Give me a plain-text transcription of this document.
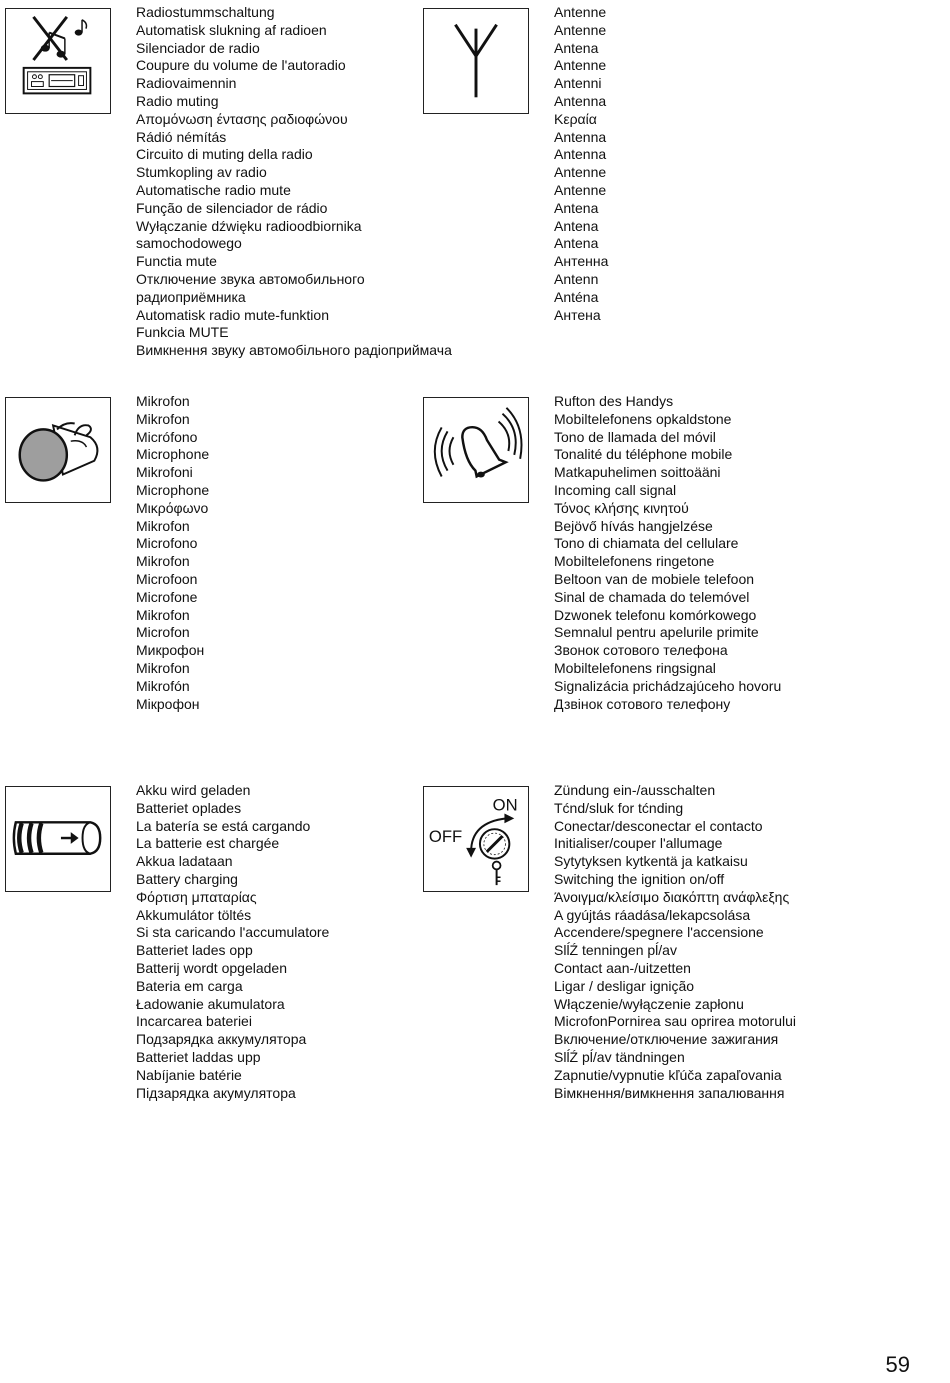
Radiostummschaltung
Automatisk slukning af radioen
Silenciador de radio
Coupure du volume de l'autoradio
Radiovaimennin
Radio muting
Απομόνωση έντασης ραδιοφώνου
Rádió némítás
Circuito di muting della radio
Stumkopling av radio
Automatische radio mute
Função de silenciador de rádio
Wyłączanie dźwięku radioodbiornika samochodowego
Functia mute
Отключение звука автомобильного радиоприёмника
Automatisk radio mute-funktion
Funkcia MUTE
Вимкнення звуку автомобільного радіоприймача
Antenne
Antenne
Antena
Antenne
Antenni
Antenna
Κεραία
Antenna
Antenna
Antenne
Antenne
Antena
Antena
Antena
Антенна
Antenn
Anténa
Антена
Mikrofon
Mikrofon
Micrófono
Microphone
Mikrofoni
Microphone
Μικρόφωνο
Mikrofon
Microfono
Mikrofon
Microfoon
Microfone
Mikrofon
Microfon
Микрофон
Mikrofon
Mikrofón
Мікрофон
Rufton des Handys
Mobiltelefonens opkaldstone
Tono de llamada del móvil
Tonalité du téléphone mobile
Matkapuhelimen soittoääni
Incoming call signal
Τόνος κλήσης κινητού
Bejövő hívás hangjelzése
Tono di chiamata del cellulare
Mobiltelefonens ringetone
Beltoon van de mobiele telefoon
Sinal de chamada do telemóvel
Dzwonek telefonu komórkowego
Semnalul pentru apelurile primite
Звонок сотового телефона
Mobiltelefonens ringsignal
Signalizácia prichádzajúceho hovoru
Дзвінок сотового телефону
Akku wird geladen
Batteriet oplades
La batería se está cargando
La batterie est chargée
Akkua ladataan
Battery charging
Φόρτιση μπαταρίας
Akkumulátor töltés
Si sta caricando l'accumulatore
Batteriet lades opp
Batterij wordt opgeladen
Bateria em carga
Ładowanie akumulatora
Incarcarea bateriei
Подзарядка аккумулятора
Batteriet laddas upp
Nabíjanie batérie
Підзарядка акумулятора
ON
OFF
Zündung ein-/ausschalten
Tćnd/sluk for tćnding
Conectar/desconectar el contacto
Initialiser/couper l'allumage
Sytytyksen kytkentä ja katkaisu
Switching the ignition on/off
Άνοιγμα/κλείσιμο διακόπτη ανάφλεξης
A gyújtás ráadása/lekapcsolása
Accendere/spegnere l'accensione
SlĺŹ tenningen pĺ/av
Contact aan-/uitzetten
Ligar / desligar ignição
Włączenie/wyłączenie zapłonu
MicrofonPornirea sau oprirea motorului
Включение/отключение зажигания
SlĺŹ pĺ/av tändningen
Zapnutie/vypnutie kľúča zapaľovania
Вімкнення/вимкнення запалювання
59
